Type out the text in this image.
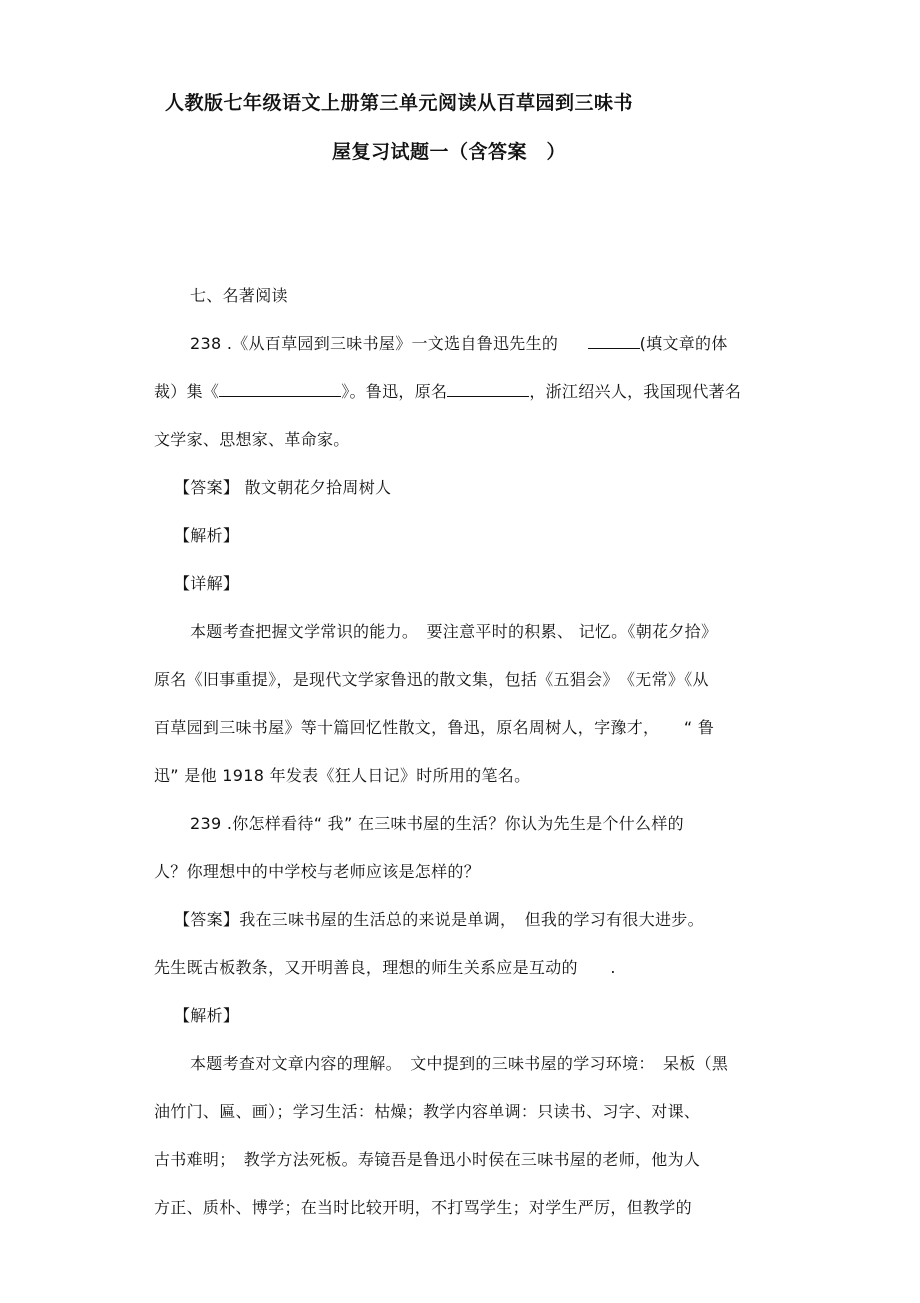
人教版七年级语文上册第三单元阅读从百草园到三味书
屋复习试题一（含答案　）
七、名著阅读
238 .《从百草园到三味书屋》一文选自鲁迅先生的	(填文章的体
裁）集《	》。鲁迅，原名	，浙江绍兴人，我国现代著名
文学家、思想家、革命家。
【答案】 散文朝花夕拾周树人
【解析】
【详解】
本题考查把握文学常识的能力。　要注意平时的积累、 记忆。《朝花夕拾》
原名《旧事重提》，是现代文学家鲁迅的散文集，包括《五猖会》　《无常》《从
百草园到三味书屋》等十篇回忆性散文，鲁迅，原名周树人，字豫才，　　“ 鲁
迅” 是他 1918 年发表《狂人日记》时所用的笔名。
239 .你怎样看待“ 我” 在三味书屋的生活？你认为先生是个什么样的
人？你理想中的中学校与老师应该是怎样的？
【答案】我在三味书屋的生活总的来说是单调，　但我的学习有很大进步。
先生既古板教条，又开明善良，理想的师生关系应是互动的　　.
【解析】
本题考查对文章内容的理解。　文中提到的三味书屋的学习环境：　呆板（黑
油竹门、匾、画）；学习生活：枯燥；教学内容单调：只读书、习字、对课、
古书难明；　教学方法死板。寿镜吾是鲁迅小时侯在三味书屋的老师，他为人
方正、质朴、博学；在当时比较开明，不打骂学生；对学生严厉，但教学的
